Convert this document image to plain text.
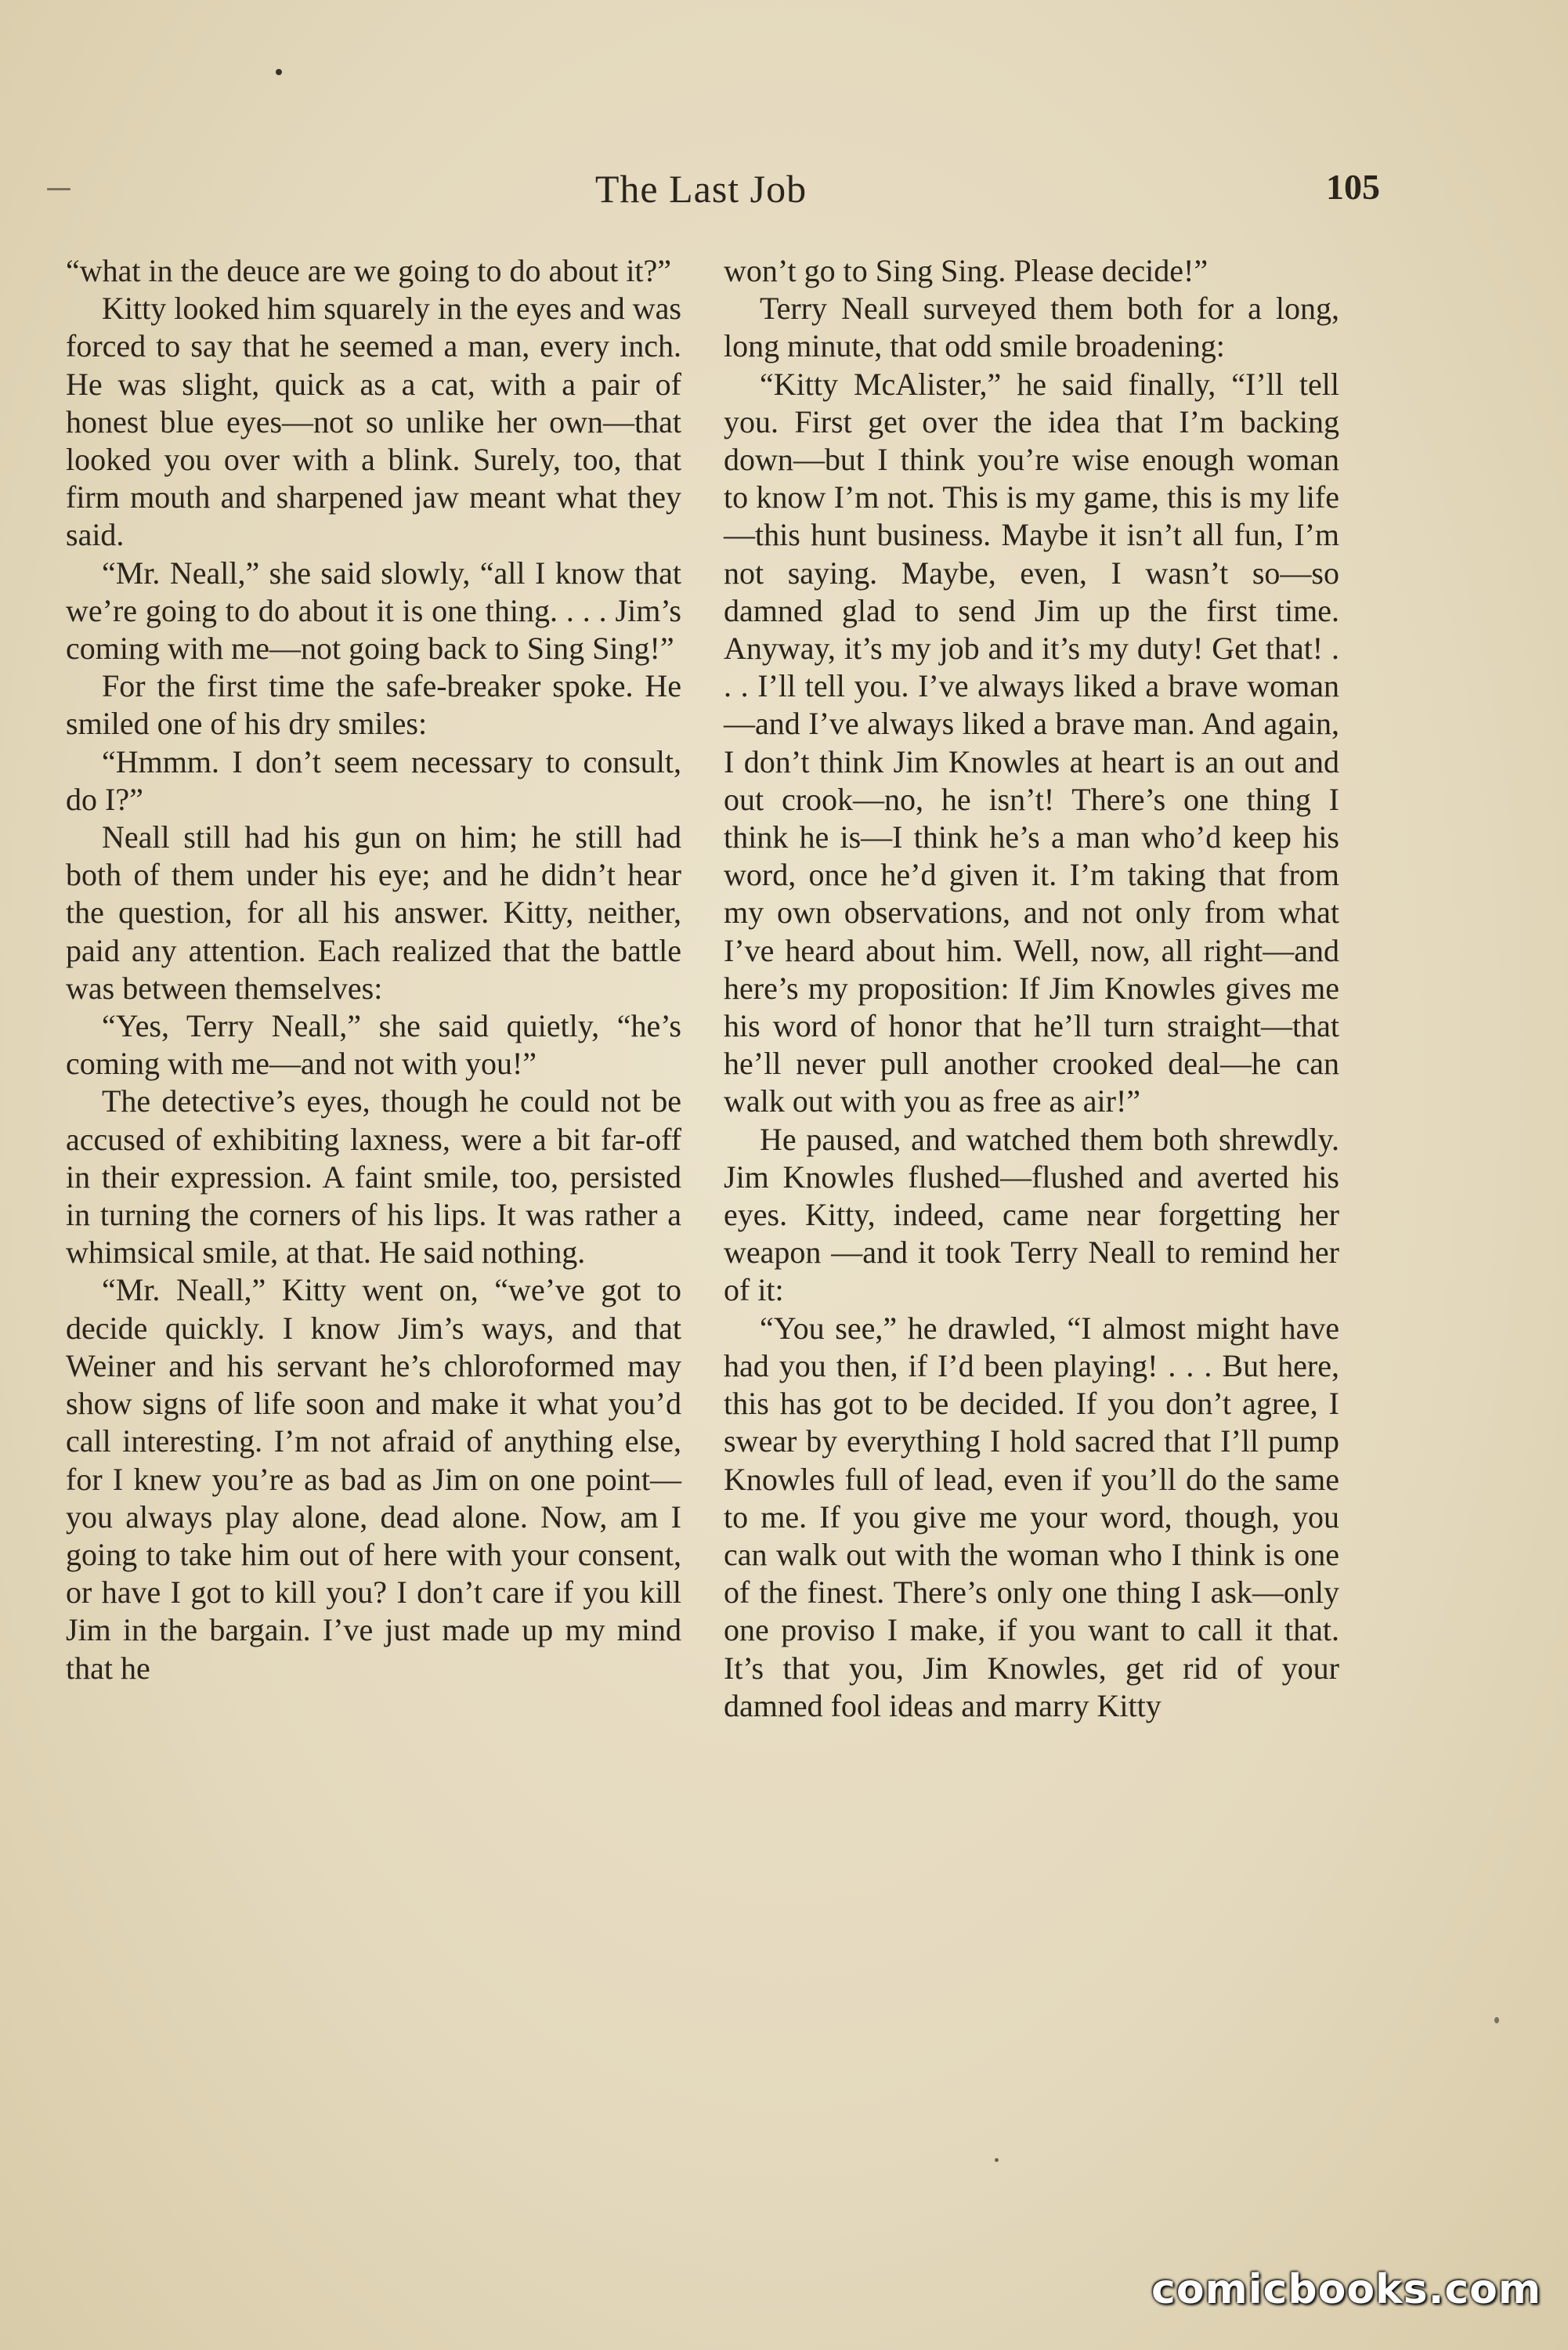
The Last Job	105

“what in the deuce are we going to do about it?”

Kitty looked him squarely in the eyes and was forced to say that he seemed a man, every inch. He was slight, quick as a cat, with a pair of honest blue eyes—not so unlike her own—that looked you over with a blink. Surely, too, that firm mouth and sharpened jaw meant what they said.

“Mr. Neall,” she said slowly, “all I know that we’re going to do about it is one thing. . . . Jim’s coming with me—not going back to Sing Sing!”

For the first time the safe-breaker spoke. He smiled one of his dry smiles:

“Hmmm. I don’t seem necessary to consult, do I?”

Neall still had his gun on him; he still had both of them under his eye; and he didn’t hear the question, for all his answer. Kitty, neither, paid any attention. Each realized that the battle was between themselves:

“Yes, Terry Neall,” she said quietly, “he’s coming with me—and not with you!”

The detective’s eyes, though he could not be accused of exhibiting laxness, were a bit far-off in their expression. A faint smile, too, persisted in turning the corners of his lips. It was rather a whimsical smile, at that. He said nothing.

“Mr. Neall,” Kitty went on, “we’ve got to decide quickly. I know Jim’s ways, and that Weiner and his servant he’s chloroformed may show signs of life soon and make it what you’d call interesting. I’m not afraid of anything else, for I knew you’re as bad as Jim on one point—you always play alone, dead alone. Now, am I going to take him out of here with your consent, or have I got to kill you? I don’t care if you kill Jim in the bargain. I’ve just made up my mind that he

won’t go to Sing Sing. Please decide!”

Terry Neall surveyed them both for a long, long minute, that odd smile broadening:

“Kitty McAlister,” he said finally, “I’ll tell you. First get over the idea that I’m backing down—but I think you’re wise enough woman to know I’m not. This is my game, this is my life—this hunt business. Maybe it isn’t all fun, I’m not saying. Maybe, even, I wasn’t so—so damned glad to send Jim up the first time. Anyway, it’s my job and it’s my duty! Get that! . . . I’ll tell you. I’ve always liked a brave woman—and I’ve always liked a brave man. And again, I don’t think Jim Knowles at heart is an out and out crook—no, he isn’t! There’s one thing I think he is—I think he’s a man who’d keep his word, once he’d given it. I’m taking that from my own observations, and not only from what I’ve heard about him. Well, now, all right—and here’s my proposition: If Jim Knowles gives me his word of honor that he’ll turn straight—that he’ll never pull another crooked deal—he can walk out with you as free as air!”

He paused, and watched them both shrewdly. Jim Knowles flushed—flushed and averted his eyes. Kitty, indeed, came near forgetting her weapon —and it took Terry Neall to remind her of it:

“You see,” he drawled, “I almost might have had you then, if I’d been playing! . . . But here, this has got to be decided. If you don’t agree, I swear by everything I hold sacred that I’ll pump Knowles full of lead, even if you’ll do the same to me. If you give me your word, though, you can walk out with the woman who I think is one of the finest. There’s only one thing I ask—only one proviso I make, if you want to call it that. It’s that you, Jim Knowles, get rid of your damned fool ideas and marry Kitty

comicbooks.com
